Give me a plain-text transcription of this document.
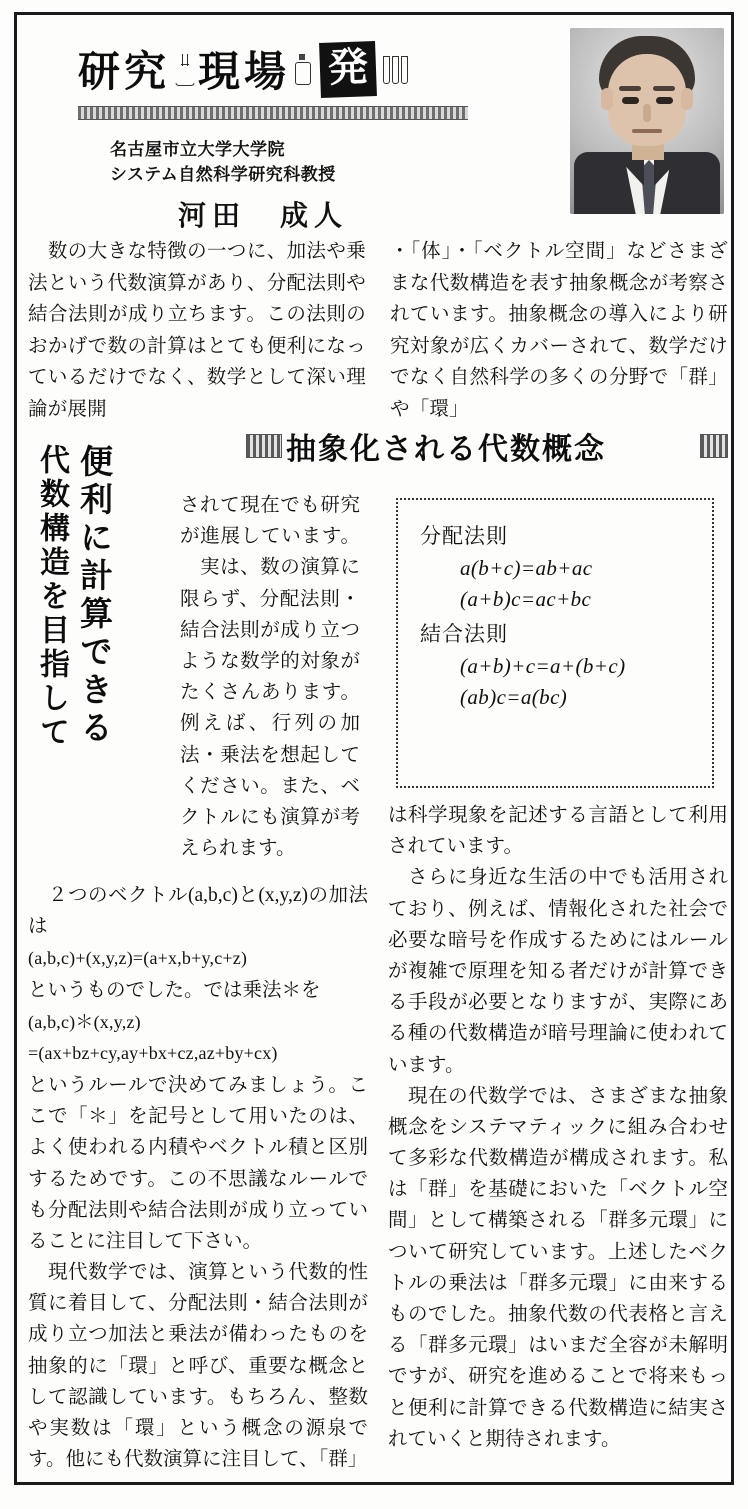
研究 現場 発
名古屋市立大学大学院
システム自然科学研究科教授
河田　成人
　数の大きな特徴の一つに、加法や乗法という代数演算があり、分配法則や結合法則が成り立ちます。この法則のおかげで数の計算はとても便利になっているだけでなく、数学として深い理論が展開
・「体」・「ベクトル空間」などさまざまな代数構造を表す抽象概念が考察されています。抽象概念の導入により研究対象が広くカバーされて、数学だけでなく自然科学の多くの分野で「群」や「環」
抽象化される代数概念
便利に計算できる
代数構造を目指して	されて現在でも研究が進展しています。 　実は、数の演算に限らず、分配法則・結合法則が成り立つような数学的対象がたくさんあります。例えば、行列の加法・乗法を想起してください。また、ベクトルにも演算が考えられます。
分配法則
a(b+c)=ab+ac
(a+b)c=ac+bc
結合法則
(a+b)+c=a+(b+c)
(ab)c=a(bc)

　２つのベクトル(a,b,c)と(x,y,z)の加法は

(a,b,c)+(x,y,z)=(a+x,b+y,c+z)

というものでした。では乗法＊を

(a,b,c)＊(x,y,z)
=(ax+bz+cy,ay+bx+cz,az+by+cx)

というルールで決めてみましょう。ここで「＊」を記号として用いたのは、よく使われる内積やベクトル積と区別するためです。この不思議なルールでも分配法則や結合法則が成り立っていることに注目して下さい。

　現代数学では、演算という代数的性質に着目して、分配法則・結合法則が成り立つ加法と乗法が備わったものを抽象的に「環」と呼び、重要な概念として認識しています。もちろん、整数や実数は「環」という概念の源泉です。他にも代数演算に注目して、「群」

は科学現象を記述する言語として利用されています。

　さらに身近な生活の中でも活用されており、例えば、情報化された社会で必要な暗号を作成するためにはルールが複雑で原理を知る者だけが計算できる手段が必要となりますが、実際にある種の代数構造が暗号理論に使われています。

　現在の代数学では、さまざまな抽象概念をシステマティックに組み合わせて多彩な代数構造が構成されます。私は「群」を基礎においた「ベクトル空間」として構築される「群多元環」について研究しています。上述したベクトルの乗法は「群多元環」に由来するものでした。抽象代数の代表格と言える「群多元環」はいまだ全容が未解明ですが、研究を進めることで将来もっと便利に計算できる代数構造に結実されていくと期待されます。
